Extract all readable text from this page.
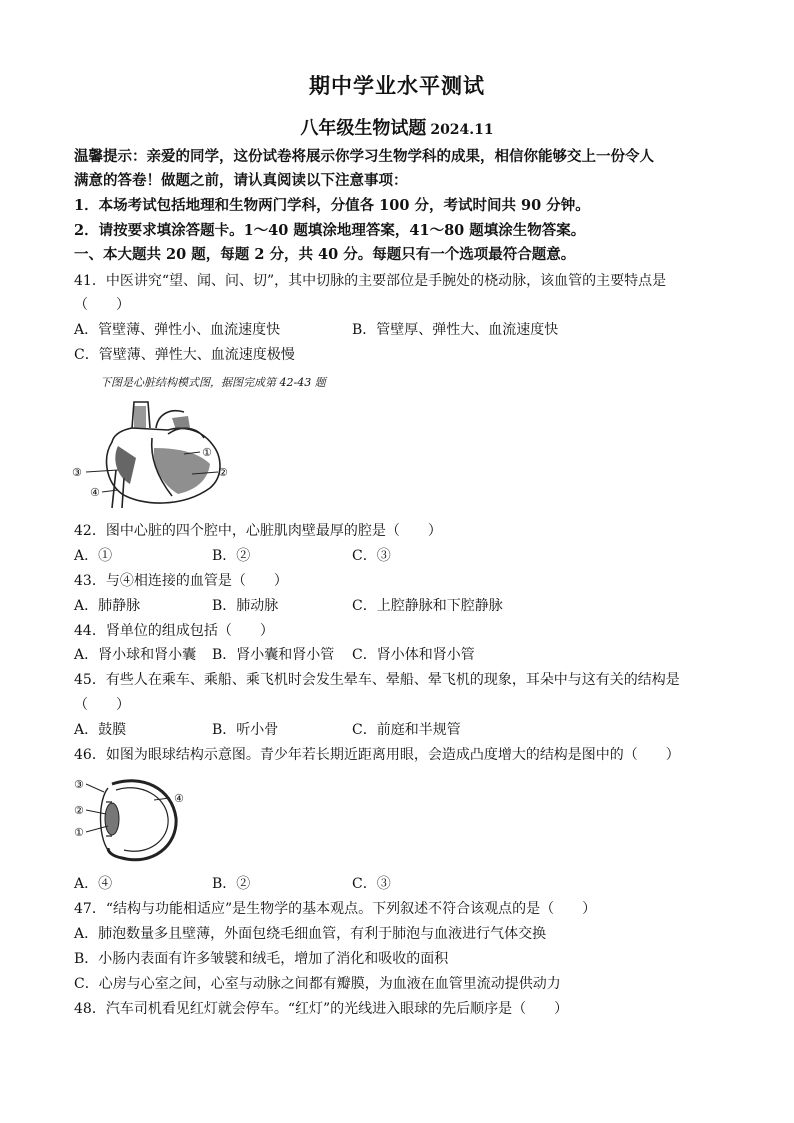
期中学业水平测试
八年级生物试题 2024.11
温馨提示：亲爱的同学，这份试卷将展示你学习生物学科的成果，相信你能够交上一份令人
满意的答卷！做题之前，请认真阅读以下注意事项：
1．本场考试包括地理和生物两门学科，分值各 100 分，考试时间共 90 分钟。
2．请按要求填涂答题卡。1～40 题填涂地理答案，41～80 题填涂生物答案。
一、本大题共 20 题，每题 2 分，共 40 分。每题只有一个选项最符合题意。
41．中医讲究“望、闻、问、切”，其中切脉的主要部位是手腕处的桡动脉，该血管的主要特点是
（　　）
A．管壁薄、弹性小、血流速度快	B．管壁厚、弹性大、血流速度快
C．管壁薄、弹性大、血流速度极慢
下图是心脏结构模式图，据图完成第 42-43 题
①
②
③
④
42．图中心脏的四个腔中，心脏肌肉壁最厚的腔是（　　）
A．①	B．②	C．③
43．与④相连接的血管是（　　）
A．肺静脉	B．肺动脉	C．上腔静脉和下腔静脉
44．肾单位的组成包括（　　）
A．肾小球和肾小囊 B．肾小囊和肾小管 C．肾小体和肾小管
45．有些人在乘车、乘船、乘飞机时会发生晕车、晕船、晕飞机的现象，耳朵中与这有关的结构是
（　　）
A．鼓膜	B．听小骨	C．前庭和半规管
46．如图为眼球结构示意图。青少年若长期近距离用眼，会造成凸度增大的结构是图中的（　　）
③
②
①
④
A．④	B．②	C．③
47．“结构与功能相适应”是生物学的基本观点。下列叙述不符合该观点的是（　　）
A．肺泡数量多且壁薄，外面包绕毛细血管，有利于肺泡与血液进行气体交换
B．小肠内表面有许多皱襞和绒毛，增加了消化和吸收的面积
C．心房与心室之间，心室与动脉之间都有瓣膜，为血液在血管里流动提供动力
48．汽车司机看见红灯就会停车。“红灯”的光线进入眼球的先后顺序是（　　）
